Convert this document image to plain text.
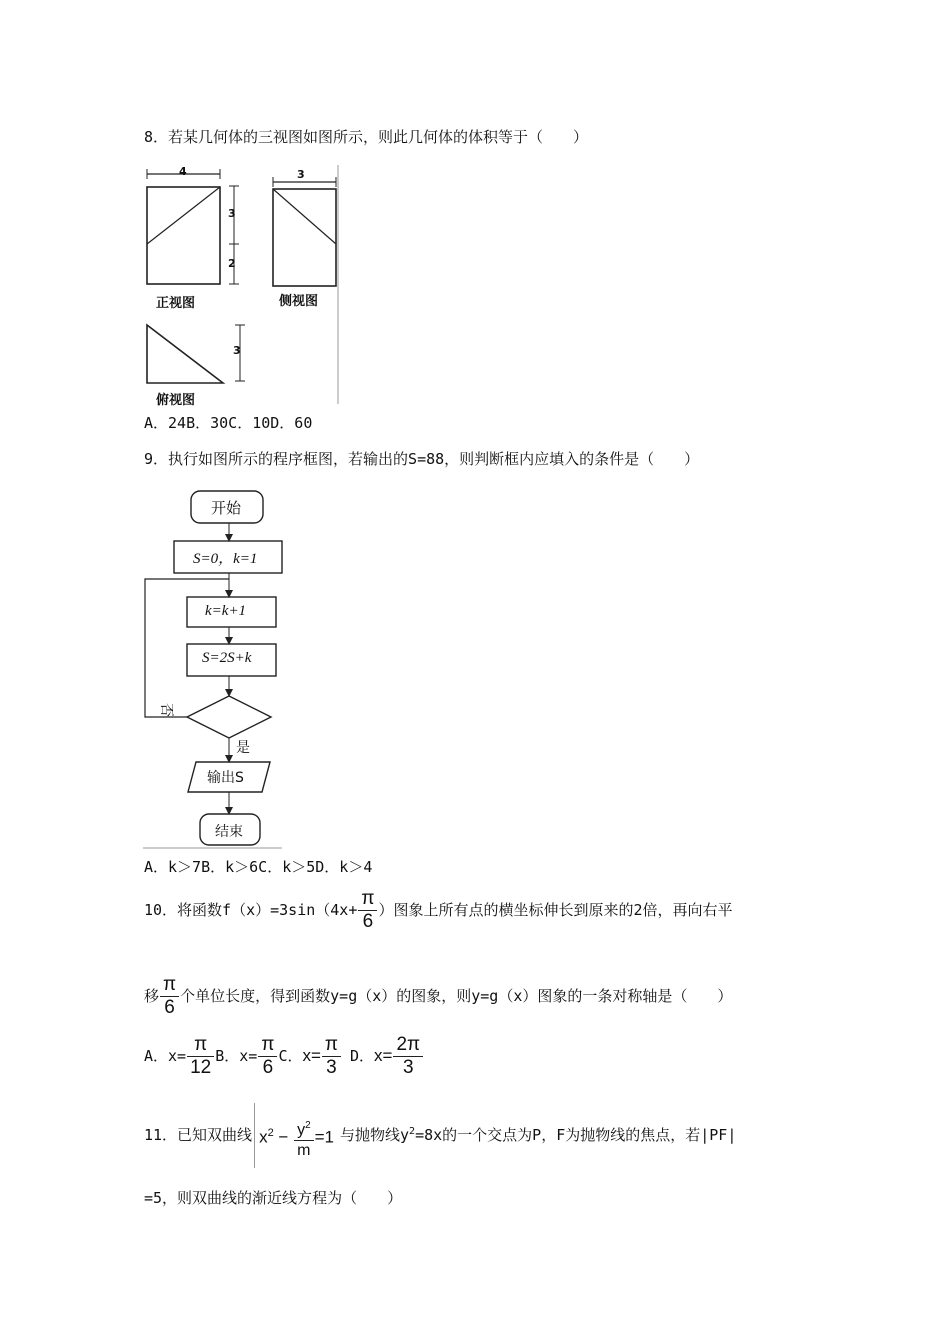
8．若某几何体的三视图如图所示，则此几何体的体积等于（　　）
4	3
3
2
3
正视图	侧视图
俯视图
A．24B．30C．10D．60
9．执行如图所示的程序框图，若输出的S=88，则判断框内应填入的条件是（　　）
开始
S=0，k=1
k=k+1
S=2S+k
否
是
输出S
结束
A．k＞7B．k＞6C．k＞5D．k＞4
10．将函数$f(x)=3\sin(4x+ \frac{\pi}{6}$ ）图象上所有点的横坐标伸长到原来的2倍，再向右平
移 $\frac{\pi}{6}$ 个单位长度，得到函数y=g（x）的图象，则y=g（x）图象的一条对称轴是（　　）
A．$x= \frac{\pi}{12}$ B．$x= \frac{\pi}{6}$ C．$x= \frac{\pi}{3}$ D．$x= \frac{2\pi}{3}$
11．已知双曲线 $x^2 - \frac{y^2}{m} =1$ 与抛物线$y^2=8x$的一个交点为P，F为抛物线的焦点，若|PF|
=5，则双曲线的渐近线方程为（　　）
